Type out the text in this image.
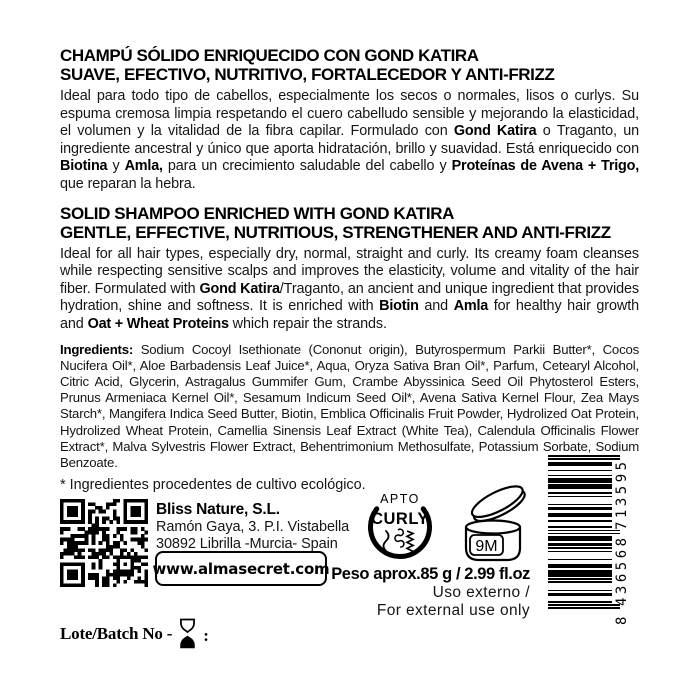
CHAMPÚ SÓLIDO ENRIQUECIDO CON GOND KATIRA
SUAVE, EFECTIVO, NUTRITIVO, FORTALECEDOR Y ANTI-FRIZZ

Ideal para todo tipo de cabellos, especialmente los secos o normales, lisos o curlys. Su espuma cremosa limpia respetando el cuero cabelludo sensible y mejorando la elasticidad, el volumen y la vitalidad de la fibra capilar. Formulado con Gond Katira o Traganto, un ingrediente ancestral y único que aporta hidratación, brillo y suavidad. Está enriquecido con Biotina y Amla, para un crecimiento saludable del cabello y Proteínas de Avena + Trigo, que reparan la hebra.

SOLID SHAMPOO ENRICHED WITH GOND KATIRA
GENTLE, EFFECTIVE, NUTRITIOUS, STRENGTHENER AND ANTI-FRIZZ

Ideal for all hair types, especially dry, normal, straight and curly. Its creamy foam cleanses while respecting sensitive scalps and improves the elasticity, volume and vitality of the hair fiber. Formulated with Gond Katira/Traganto, an ancient and unique ingredient that provides hydration, shine and softness. It is enriched with Biotin and Amla for healthy hair growth and Oat + Wheat Proteins which repair the strands.

Ingredients: Sodium Cocoyl Isethionate (Cononut origin), Butyrospermum Parkii Butter*, Cocos Nucifera Oil*, Aloe Barbadensis Leaf Juice*, Aqua, Oryza Sativa Bran Oil*, Parfum, Cetearyl Alcohol, Citric Acid, Glycerin, Astragalus Gummifer Gum, Crambe Abyssinica Seed Oil Phytosterol Esters, Prunus Armeniaca Kernel Oil*, Sesamum Indicum Seed Oil*, Avena Sativa Kernel Flour, Zea Mays Starch*, Mangifera Indica Seed Butter, Biotin, Emblica Officinalis Fruit Powder, Hydrolized Oat Protein, Hydrolized Wheat Protein, Camellia Sinensis Leaf Extract (White Tea), Calendula Officinalis Flower Extract*, Malva Sylvestris Flower Extract, Behentrimonium Methosulfate, Potassium Sorbate, Sodium Benzoate.

* Ingredientes procedentes de cultivo ecológico.

Bliss Nature, S.L.
Ramón Gaya, 3. P.I. Vistabella
30892 Librilla -Murcia- Spain
www.almasecret.com
APTO
CURLY
9M
Peso aprox.85 g / 2.99 fl.oz
Uso externo /
For external use only
8
436568
713595
Lote/Batch No - :
